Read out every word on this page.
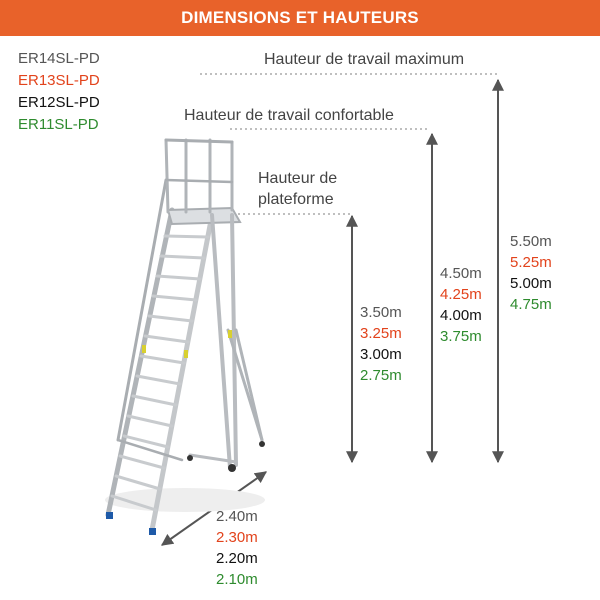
DIMENSIONS ET HAUTEURS
ER14SL-PD
ER13SL-PD
ER12SL-PD
ER11SL-PD
Hauteur de travail maximum
Hauteur de travail confortable
Hauteur de
plateforme
3.50m
3.25m
3.00m
2.75m
4.50m
4.25m
4.00m
3.75m
5.50m
5.25m
5.00m
4.75m
2.40m
2.30m
2.20m
2.10m
